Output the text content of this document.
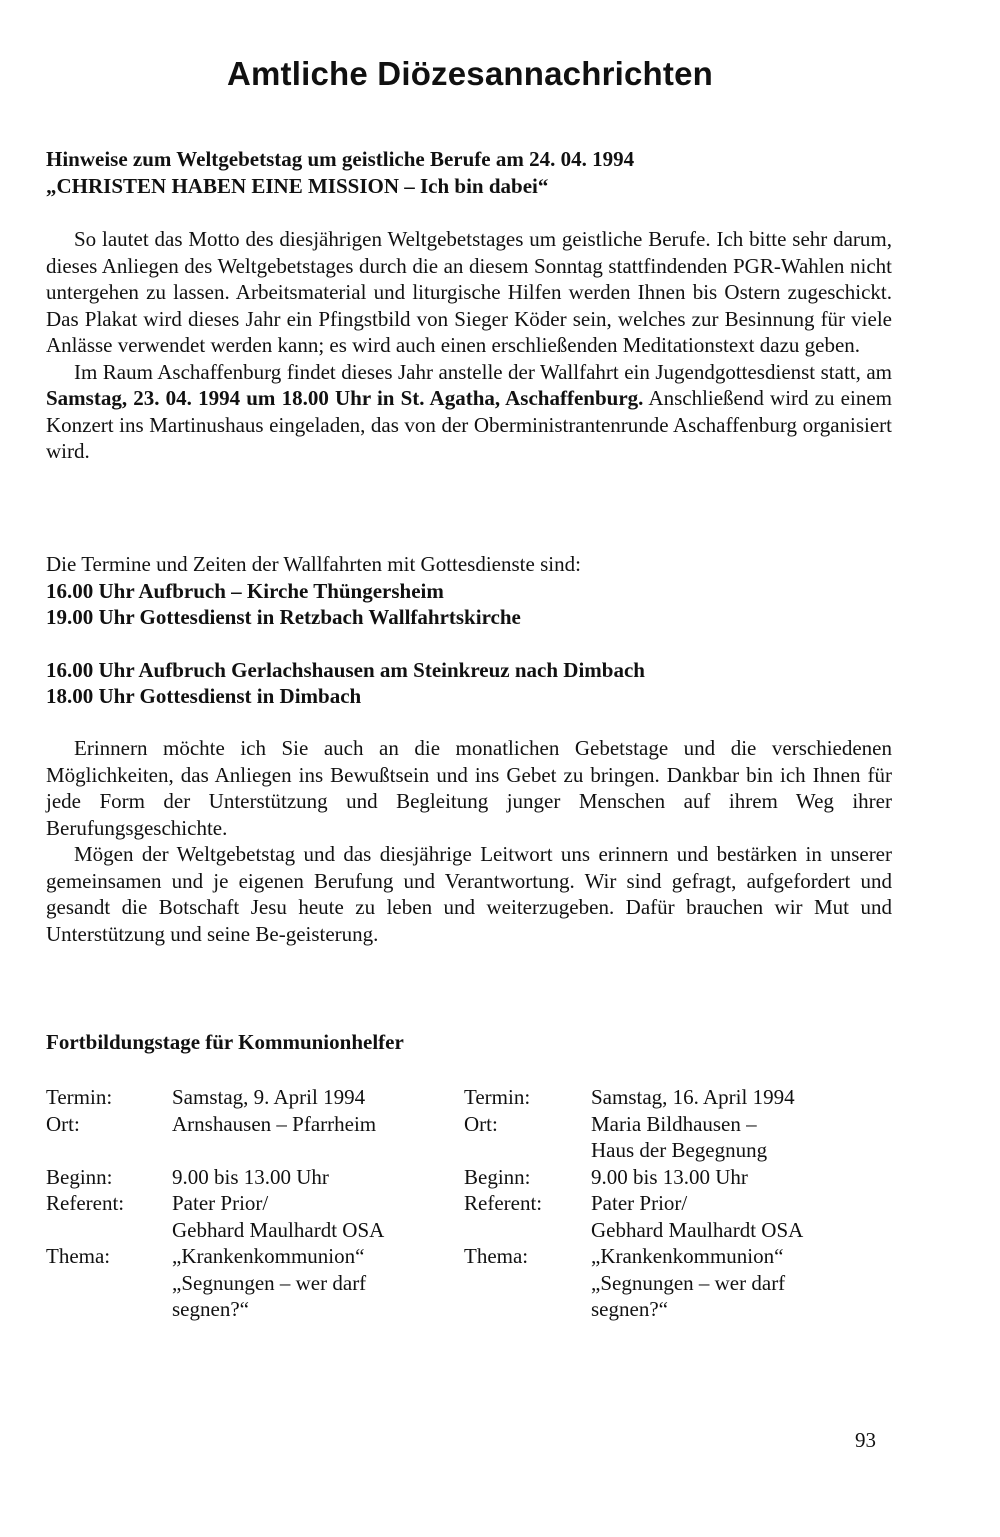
Amtliche Diözesannachrichten

Hinweise zum Weltgebetstag um geistliche Berufe am 24. 04. 1994

„CHRISTEN HABEN EINE MISSION – Ich bin dabei“

So lautet das Motto des diesjährigen Weltgebetstages um geistliche Berufe. Ich bitte sehr darum, dieses Anliegen des Weltgebetstages durch die an diesem Sonntag stattfindenden PGR-Wahlen nicht untergehen zu lassen. Arbeitsmaterial und liturgische Hilfen werden Ihnen bis Ostern zugeschickt. Das Plakat wird dieses Jahr ein Pfingstbild von Sieger Köder sein, welches zur Besinnung für viele Anlässe verwendet werden kann; es wird auch einen erschließenden Meditationstext dazu geben.

Im Raum Aschaffenburg findet dieses Jahr anstelle der Wallfahrt ein Jugendgottesdienst statt, am Samstag, 23. 04. 1994 um 18.00 Uhr in St. Agatha, Aschaffenburg. Anschließend wird zu einem Konzert ins Martinushaus eingeladen, das von der Oberministrantenrunde Aschaffenburg organisiert wird.

Die Termine und Zeiten der Wallfahrten mit Gottesdienste sind:

16.00 Uhr Aufbruch – Kirche Thüngersheim

19.00 Uhr Gottesdienst in Retzbach Wallfahrtskirche

16.00 Uhr Aufbruch Gerlachshausen am Steinkreuz nach Dimbach

18.00 Uhr Gottesdienst in Dimbach

Erinnern möchte ich Sie auch an die monatlichen Gebetstage und die verschiedenen Möglichkeiten, das Anliegen ins Bewußtsein und ins Gebet zu bringen. Dankbar bin ich Ihnen für jede Form der Unterstützung und Begleitung junger Menschen auf ihrem Weg ihrer Berufungsgeschichte.

Mögen der Weltgebetstag und das diesjährige Leitwort uns erinnern und bestärken in unserer gemeinsamen und je eigenen Berufung und Verantwortung. Wir sind gefragt, aufgefordert und gesandt die Botschaft Jesu heute zu leben und weiterzugeben. Dafür brauchen wir Mut und Unterstützung und seine Be-geisterung.

Fortbildungstage für Kommunionhelfer

Termin:	Samstag, 9. April 1994	Termin:	Samstag, 16. April 1994
Ort:	Arnshausen – Pfarrheim	Ort:	Maria Bildhausen –
			Haus der Begegnung
Beginn:	9.00 bis 13.00 Uhr	Beginn:	9.00 bis 13.00 Uhr
Referent:	Pater Prior/	Referent:	Pater Prior/
	Gebhard Maulhardt OSA		Gebhard Maulhardt OSA
Thema:	„Krankenkommunion“	Thema:	„Krankenkommunion“
	„Segnungen – wer darf		„Segnungen – wer darf
	segnen?“		segnen?“
93
